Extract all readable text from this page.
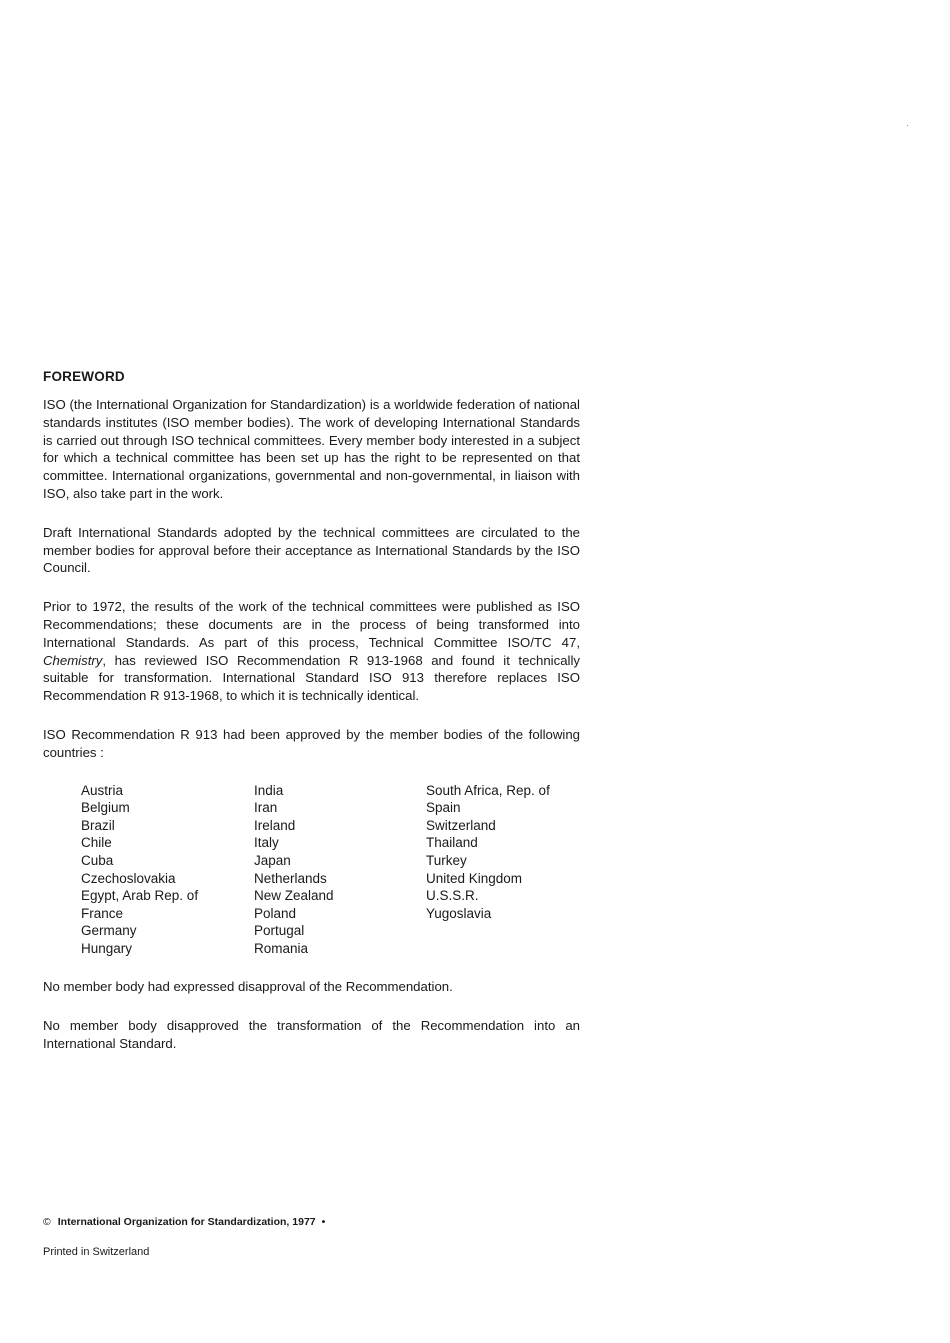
·
FOREWORD

ISO (the International Organization for Standardization) is a worldwide federation of national standards institutes (ISO member bodies). The work of developing International Standards is carried out through ISO technical committees. Every member body interested in a subject for which a technical committee has been set up has the right to be represented on that committee. International organizations, governmental and non-governmental, in liaison with ISO, also take part in the work.

Draft International Standards adopted by the technical committees are circulated to the member bodies for approval before their acceptance as International Standards by the ISO Council.

Prior to 1972, the results of the work of the technical committees were published as ISO Recommendations; these documents are in the process of being transformed into International Standards. As part of this process, Technical Committee ISO/TC 47, Chemistry, has reviewed ISO Recommendation R 913-1968 and found it technically suitable for transformation. International Standard ISO 913 therefore replaces ISO Recommendation R 913-1968, to which it is technically identical.

ISO Recommendation R 913 had been approved by the member bodies of the following countries :

Austria
Belgium
Brazil
Chile
Cuba
Czechoslovakia
Egypt, Arab Rep. of
France
Germany
Hungary
India
Iran
Ireland
Italy
Japan
Netherlands
New Zealand
Poland
Portugal
Romania
South Africa, Rep. of
Spain
Switzerland
Thailand
Turkey
United Kingdom
U.S.S.R.
Yugoslavia

No member body had expressed disapproval of the Recommendation.

No member body disapproved the transformation of the Recommendation into an International Standard.

© International Organization for Standardization, 1977 •
Printed in Switzerland
